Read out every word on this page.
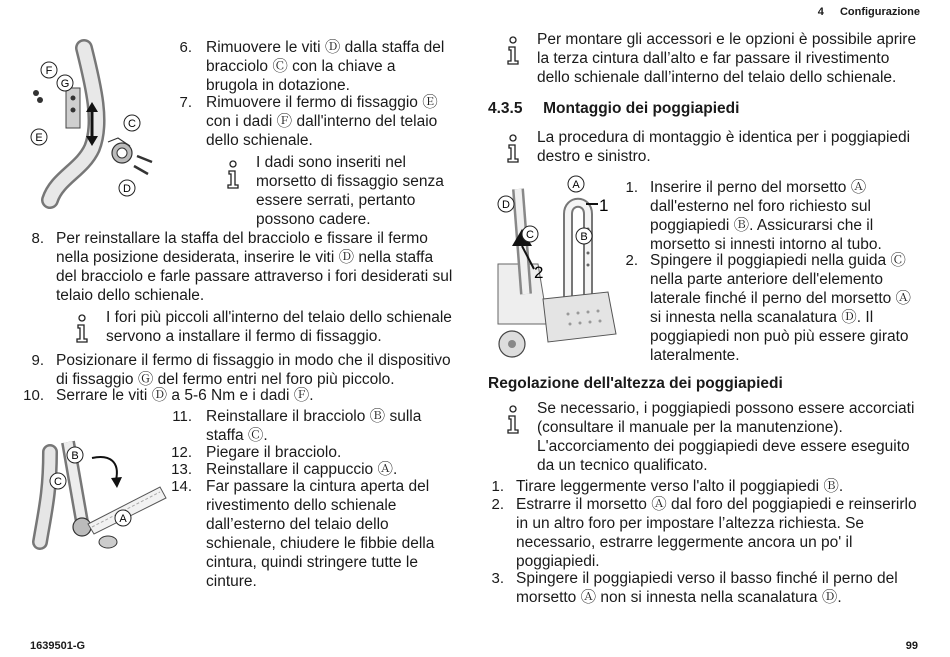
4 Configurazione
F
G
E
C
D
6. Rimuovere le viti Ⓓ dalla staffa del bracciolo Ⓒ con la chiave a brugola in dotazione.
7. Rimuovere il fermo di fissaggio Ⓔ con i dadi Ⓕ dall'interno del telaio dello schienale.
I dadi sono inseriti nel morsetto di fissaggio senza essere serrati, pertanto possono cadere.
8. Per reinstallare la staffa del bracciolo e fissare il fermo nella posizione desiderata, inserire le viti Ⓓ nella staffa del bracciolo e farle passare attraverso i fori desiderati sul telaio dello schienale.
I fori più piccoli all'interno del telaio dello schienale servono a installare il fermo di fissaggio.
9. Posizionare il fermo di fissaggio in modo che il dispositivo di fissaggio Ⓖ del fermo entri nel foro più piccolo.
10. Serrare le viti Ⓓ a 5-6 Nm e i dadi Ⓕ.
B
C
A
11. Reinstallare il bracciolo Ⓑ sulla staffa Ⓒ.
12. Piegare il bracciolo.
13. Reinstallare il cappuccio Ⓐ.
14. Far passare la cintura aperta del rivestimento dello schienale dall’esterno del telaio dello schienale, chiudere le fibbie della cintura, quindi stringere tutte le cinture.
1639501-G
Per montare gli accessori e le opzioni è possibile aprire la terza cintura dall’alto e far passare il rivestimento dello schienale dall’interno del telaio dello schienale.
4.3.5 Montaggio dei poggiapiedi
La procedura di montaggio è identica per i poggiapiedi destro e sinistro.
A
D
C	B
1
2
1. Inserire il perno del morsetto Ⓐ dall'esterno nel foro richiesto sul poggiapiedi Ⓑ. Assicurarsi che il morsetto si innesti intorno al tubo.
2. Spingere il poggiapiedi nella guida Ⓒ nella parte anteriore dell'elemento laterale finché il perno del morsetto Ⓐ si innesta nella scanalatura Ⓓ. Il poggiapiedi non può più essere girato lateralmente.
Regolazione dell'altezza dei poggiapiedi
Se necessario, i poggiapiedi possono essere accorciati (consultare il manuale per la manutenzione). L'accorciamento dei poggiapiedi deve essere eseguito da un tecnico qualificato.
1. Tirare leggermente verso l'alto il poggiapiedi Ⓑ.
2. Estrarre il morsetto Ⓐ dal foro del poggiapiedi e reinserirlo in un altro foro per impostare l’altezza richiesta. Se necessario, estrarre leggermente ancora un po' il poggiapiedi.
3. Spingere il poggiapiedi verso il basso finché il perno del morsetto Ⓐ non si innesta nella scanalatura Ⓓ.
99
